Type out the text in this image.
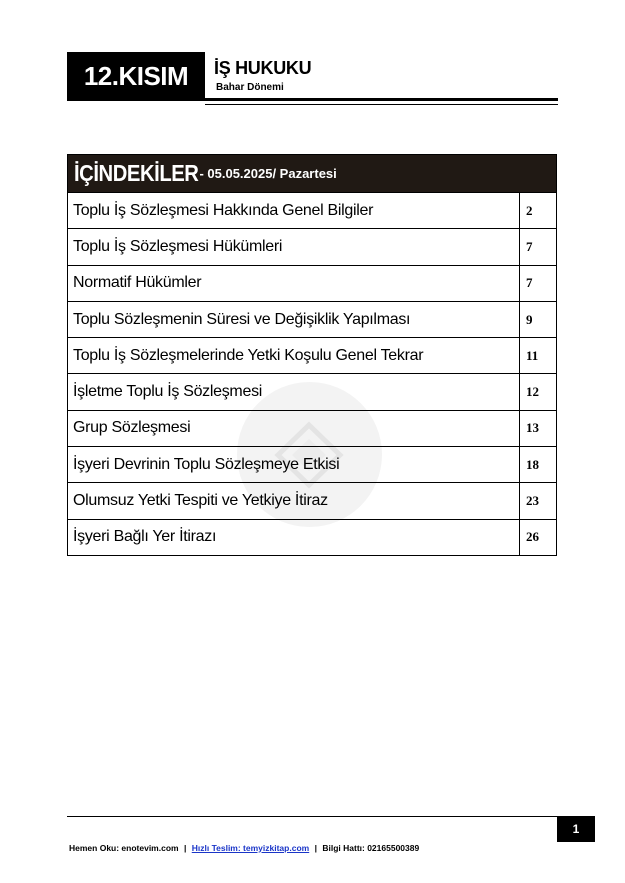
12.KISIM	İŞ HUKUKU
Bahar Dönemi
İÇİNDEKİLER - 05.05.2025/ Pazartesi
Toplu İş Sözleşmesi Hakkında Genel Bilgiler	2
Toplu İş Sözleşmesi Hükümleri	7
Normatif Hükümler	7
Toplu Sözleşmenin Süresi ve Değişiklik Yapılması	9
Toplu İş Sözleşmelerinde Yetki Koşulu Genel Tekrar	11
İşletme Toplu İş Sözleşmesi	12
Grup Sözleşmesi	13
İşyeri Devrinin Toplu Sözleşmeye Etkisi	18
Olumsuz Yetki Tespiti ve Yetkiye İtiraz	23
İşyeri Bağlı Yer İtirazı	26
1
Hemen Oku: enotevim.com | Hızlı Teslim: temyizkitap.com | Bilgi Hattı: 02165500389
